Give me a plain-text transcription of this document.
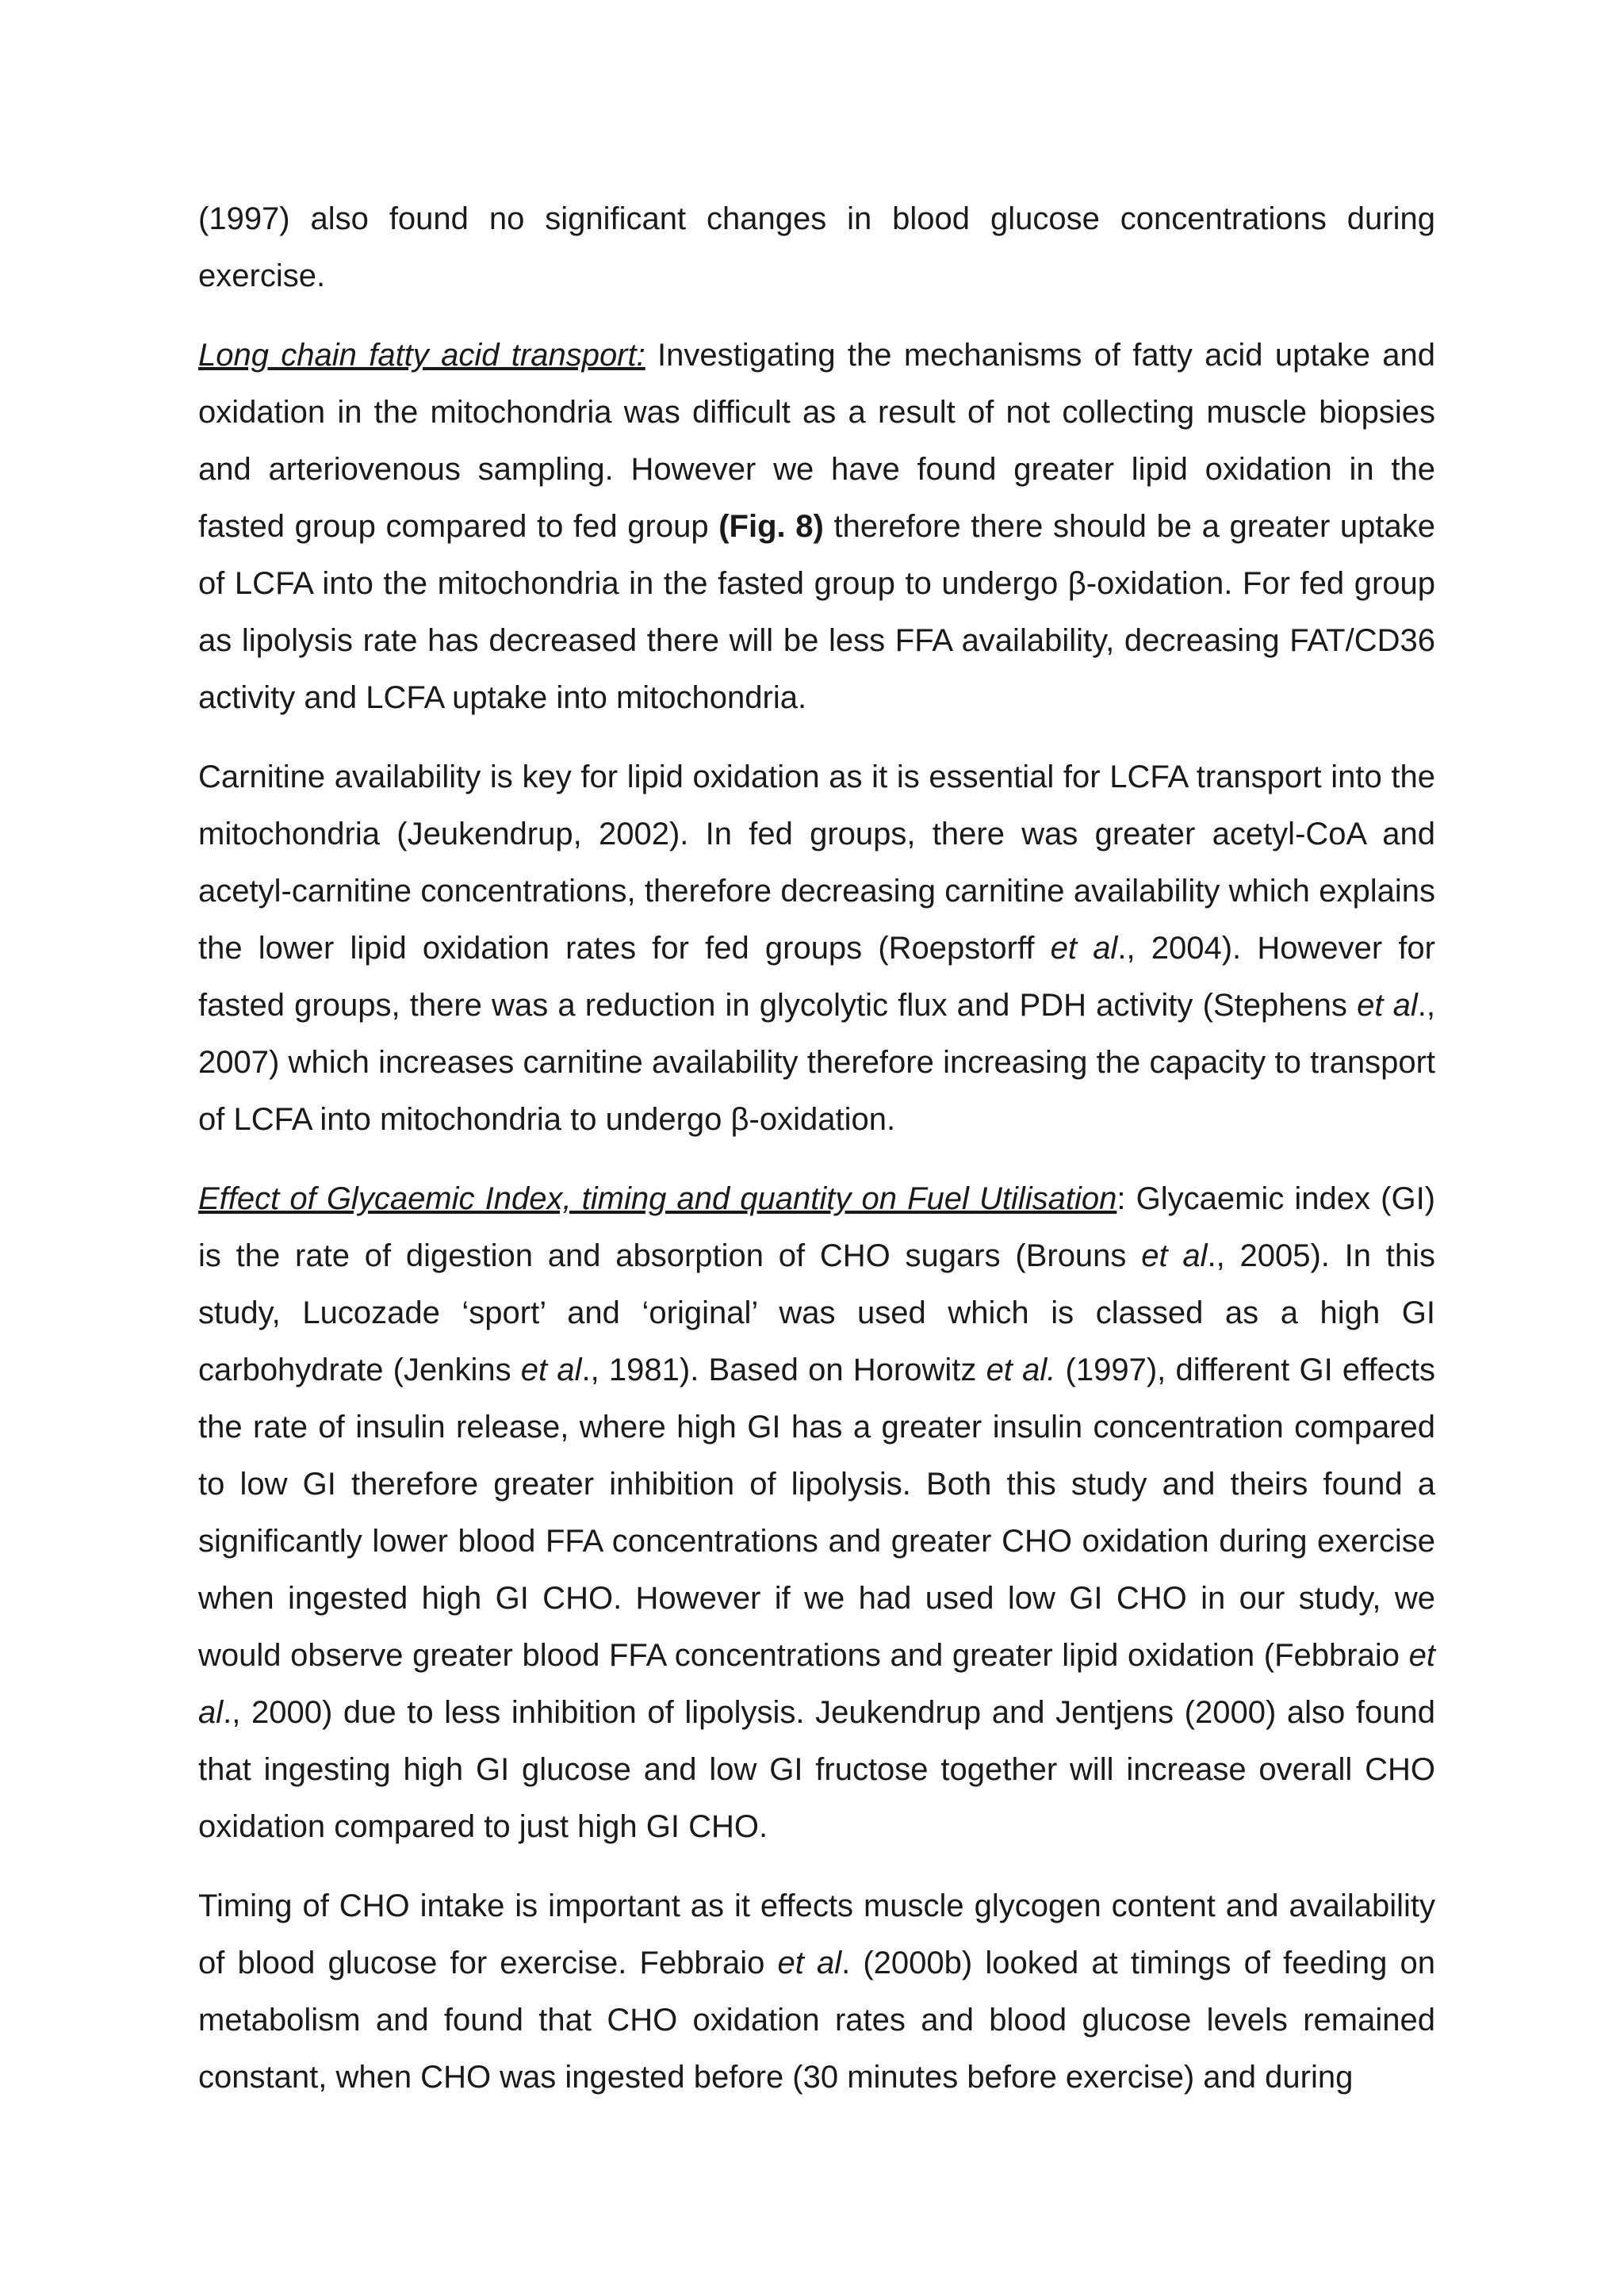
(1997) also found no significant changes in blood glucose concentrations during exercise.

Long chain fatty acid transport: Investigating the mechanisms of fatty acid uptake and oxidation in the mitochondria was difficult as a result of not collecting muscle biopsies and arteriovenous sampling. However we have found greater lipid oxidation in the fasted group compared to fed group (Fig. 8) therefore there should be a greater uptake of LCFA into the mitochondria in the fasted group to undergo β-oxidation. For fed group as lipolysis rate has decreased there will be less FFA availability, decreasing FAT/CD36 activity and LCFA uptake into mitochondria.

Carnitine availability is key for lipid oxidation as it is essential for LCFA transport into the mitochondria (Jeukendrup, 2002). In fed groups, there was greater acetyl-CoA and acetyl-carnitine concentrations, therefore decreasing carnitine availability which explains the lower lipid oxidation rates for fed groups (Roepstorff et al., 2004). However for fasted groups, there was a reduction in glycolytic flux and PDH activity (Stephens et al., 2007) which increases carnitine availability therefore increasing the capacity to transport of LCFA into mitochondria to undergo β-oxidation.

Effect of Glycaemic Index, timing and quantity on Fuel Utilisation: Glycaemic index (GI) is the rate of digestion and absorption of CHO sugars (Brouns et al., 2005). In this study, Lucozade ‘sport’ and ‘original’ was used which is classed as a high GI carbohydrate (Jenkins et al., 1981). Based on Horowitz et al. (1997), different GI effects the rate of insulin release, where high GI has a greater insulin concentration compared to low GI therefore greater inhibition of lipolysis. Both this study and theirs found a significantly lower blood FFA concentrations and greater CHO oxidation during exercise when ingested high GI CHO. However if we had used low GI CHO in our study, we would observe greater blood FFA concentrations and greater lipid oxidation (Febbraio et al., 2000) due to less inhibition of lipolysis. Jeukendrup and Jentjens (2000) also found that ingesting high GI glucose and low GI fructose together will increase overall CHO oxidation compared to just high GI CHO.

Timing of CHO intake is important as it effects muscle glycogen content and availability of blood glucose for exercise. Febbraio et al. (2000b) looked at timings of feeding on metabolism and found that CHO oxidation rates and blood glucose levels remained constant, when CHO was ingested before (30 minutes before exercise) and during
